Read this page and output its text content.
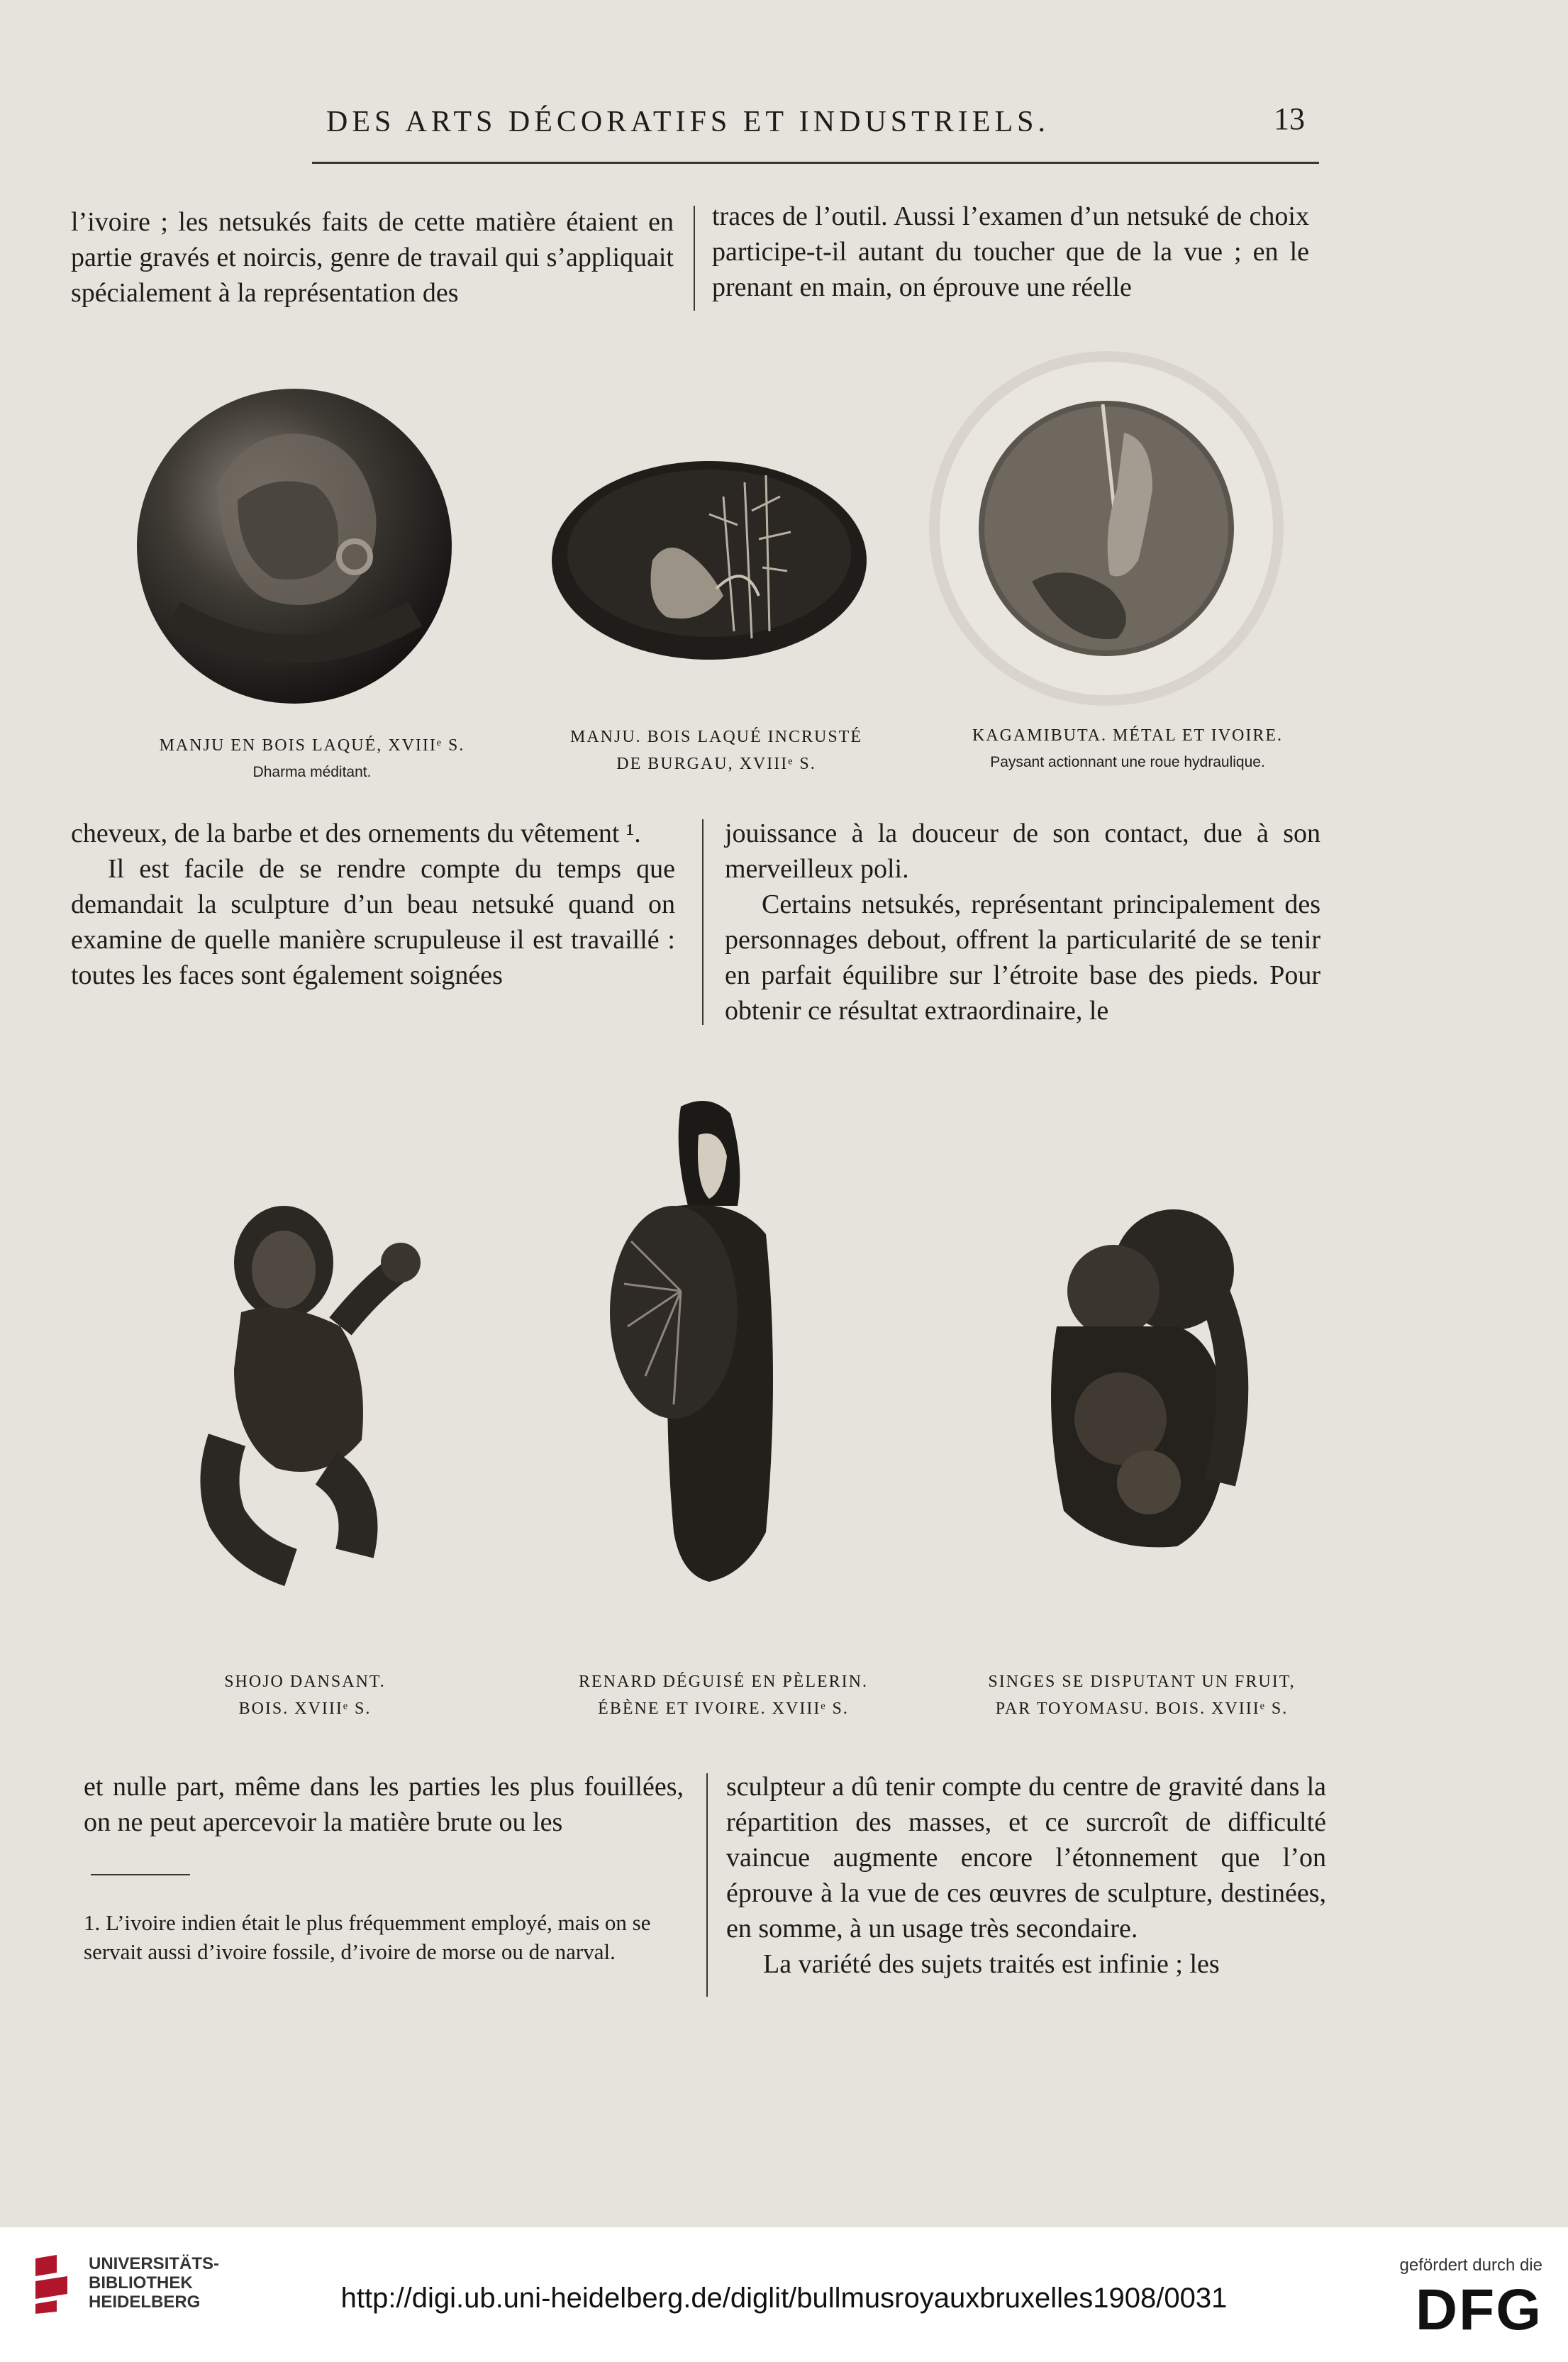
DES ARTS DÉCORATIFS ET INDUSTRIELS.	13

l’ivoire ; les netsukés faits de cette matière étaient en partie gravés et noircis, genre de travail qui s’appliquait spécialement à la représentation des

traces de l’outil. Aussi l’examen d’un netsuké de choix participe-t-il autant du toucher que de la vue ; en le prenant en main, on éprouve une réelle

MANJU EN BOIS LAQUÉ, XVIIIᵉ S.
Dharma méditant.
MANJU. BOIS LAQUÉ INCRUSTÉ
DE BURGAU, XVIIIᵉ S.
KAGAMIBUTA. MÉTAL ET IVOIRE.
Paysant actionnant une roue hydraulique.

cheveux, de la barbe et des ornements du vêtement ¹.

Il est facile de se rendre compte du temps que demandait la sculpture d’un beau netsuké quand on examine de quelle manière scrupuleuse il est travaillé : toutes les faces sont également soignées

jouissance à la douceur de son contact, due à son merveilleux poli.

Certains netsukés, représentant principalement des personnages debout, offrent la particularité de se tenir en parfait équilibre sur l’étroite base des pieds. Pour obtenir ce résultat extraordinaire, le

SHOJO DANSANT.
BOIS. XVIIIᵉ S.
RENARD DÉGUISÉ EN PÈLERIN.
ÉBÈNE ET IVOIRE. XVIIIᵉ S.
SINGES SE DISPUTANT UN FRUIT,
PAR TOYOMASU. BOIS. XVIIIᵉ S.

et nulle part, même dans les parties les plus fouillées, on ne peut apercevoir la matière brute ou les

1. L’ivoire indien était le plus fréquemment employé, mais on se servait aussi d’ivoire fossile, d’ivoire de morse ou de narval.

sculpteur a dû tenir compte du centre de gravité dans la répartition des masses, et ce surcroît de difficulté vaincue augmente encore l’étonnement que l’on éprouve à la vue de ces œuvres de sculpture, destinées, en somme, à un usage très secondaire.

La variété des sujets traités est infinie ; les

UNIVERSITÄTS-
BIBLIOTHEK
HEIDELBERG	http://digi.ub.uni-heidelberg.de/diglit/bullmusroyauxbruxelles1908/0031
gefördert durch die
DFG
